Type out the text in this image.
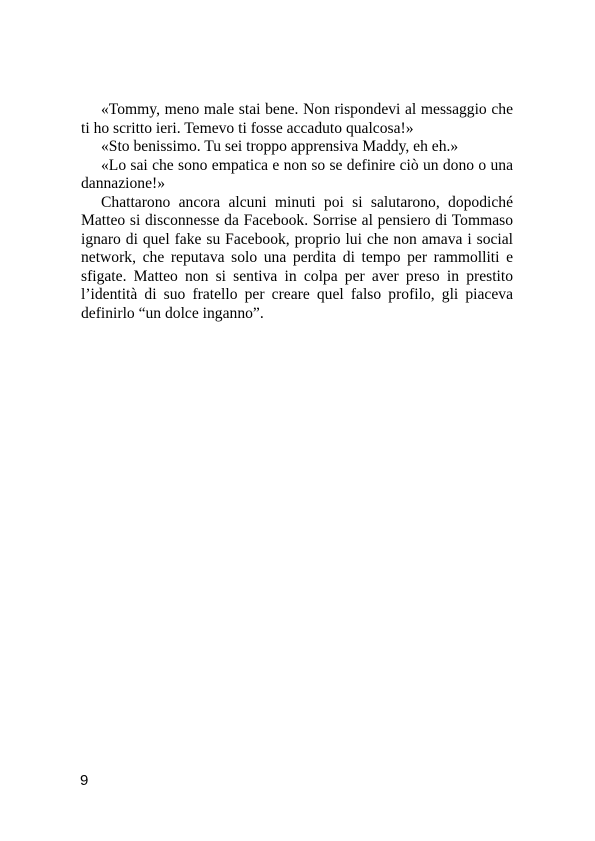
«Tommy, meno male stai bene. Non rispondevi al messaggio che ti ho scritto ieri. Temevo ti fosse accaduto qualcosa!»

«Sto benissimo. Tu sei troppo apprensiva Maddy, eh eh.»

«Lo sai che sono empatica e non so se definire ciò un dono o una dannazione!»

Chattarono ancora alcuni minuti poi si salutarono, dopodiché Matteo si disconnesse da Facebook. Sorrise al pensiero di Tommaso ignaro di quel fake su Facebook, proprio lui che non amava i social network, che reputava solo una perdita di tempo per rammolliti e sfigate. Matteo non si sentiva in colpa per aver preso in prestito l’identità di suo fratello per creare quel falso profilo, gli piaceva definirlo “un dolce inganno”.

9
